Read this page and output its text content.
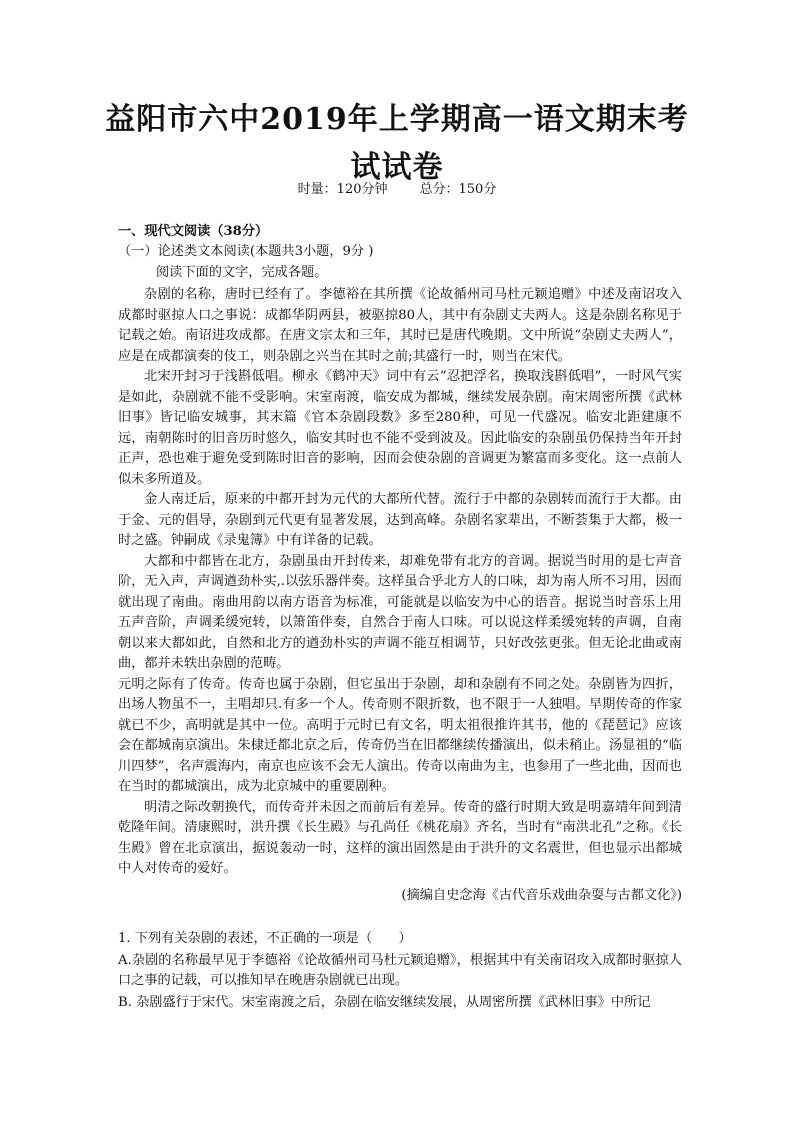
益阳市六中2019年上学期高一语文期末考试试卷
时量：120分钟 总分：150分
一、现代文阅读（38分）
（一）论述类文本阅读(本题共3小题，9分 )
阅读下面的文字，完成各题。

杂剧的名称，唐时已经有了。李德裕在其所撰《论故循州司马杜元颖追赠》中述及南诏攻入成都时驱掠人口之事说：成都华阴两县，被驱掠80人，其中有杂剧丈夫两人。这是杂剧名称见于记载之始。南诏进攻成都。在唐文宗太和三年，其时已是唐代晚期。文中所说“杂剧丈夫两人”，应是在成都演奏的伎工，则杂剧之兴当在其时之前;其盛行一时，则当在宋代。

北宋开封习于浅斟低唱。柳永《鹤冲天》词中有云“忍把浮名，换取浅斟低唱”，一时风气实是如此，杂剧就不能不受影响。宋室南渡，临安成为都城，继续发展杂剧。南宋周密所撰《武林旧事》皆记临安城事，其末篇《官本杂剧段数》多至280种，可见一代盛况。临安北距建康不远，南朝陈时的旧音历时悠久，临安其时也不能不受到波及。因此临安的杂剧虽仍保持当年开封正声，恐也难于避免受到陈时旧音的影响，因而会使杂剧的音调更为繁富而多变化。这一点前人似未多所道及。

金人南迁后，原来的中都开封为元代的大都所代替。流行于中都的杂剧转而流行于大都。由于金、元的倡导，杂剧到元代更有显著发展，达到高峰。杂剧名家辈出，不断荟集于大都，极一时之盛。钟嗣成《录鬼簿》中有详备的记载。

大都和中都皆在北方，杂剧虽由开封传来，却难免带有北方的音调。据说当时用的是七声音阶，无入声，声调遒劲朴实,.以弦乐器伴奏。这样虽合乎北方人的口味，却为南人所不习用，因而就出现了南曲。南曲用韵以南方语音为标准，可能就是以临安为中心的语音。据说当时音乐上用五声音阶，声调柔缓宛转，以箫笛伴奏，自然合于南人口味。可以说这样柔缓宛转的声调，自南朝以来大都如此，自然和北方的遒劲朴实的声调不能互相调节，只好改弦更张。但无论北曲或南曲，都并未轶出杂剧的范畴。

元明之际有了传奇。传奇也属于杂剧，但它虽出于杂剧，却和杂剧有不同之处。杂剧皆为四折，出场人物虽不一，主唱却只.有多一个人。传奇则不限折数，也不限于一人独唱。早期传奇的作家就已不少，高明就是其中一位。高明于元时已有文名，明太祖很推许其书，他的《琵琶记》应该会在都城南京演出。朱棣迁都北京之后，传奇仍当在旧都继续传播演出，似未稍止。汤显祖的“临川四梦”，名声震海内，南京也应该不会无人演出。传奇以南曲为主，也参用了一些北曲，因而也在当时的都城演出，成为北京城中的重要剧种。

明清之际改朝换代，而传奇并未因之而前后有差异。传奇的盛行时期大致是明嘉靖年间到清乾隆年间。清康熙时，洪升撰《长生殿》与孔尚任《桃花扇》齐名，当时有“南洪北孔”之称。《长生殿》曾在北京演出，据说轰动一时，这样的演出固然是由于洪升的文名震世，但也显示出都城中人对传奇的爱好。

(摘编自史念海《古代音乐戏曲杂耍与古都文化》)

1. 下列有关杂剧的表述，不正确的一项是（　　）

A.杂剧的名称最早见于李德裕《论故循州司马杜元颖追赠》，根据其中有关南诏攻入成都时驱掠人口之事的记载，可以推知早在晚唐杂剧就已出现。

B. 杂剧盛行于宋代。宋室南渡之后，杂剧在临安继续发展，从周密所撰《武林旧事》中所记
